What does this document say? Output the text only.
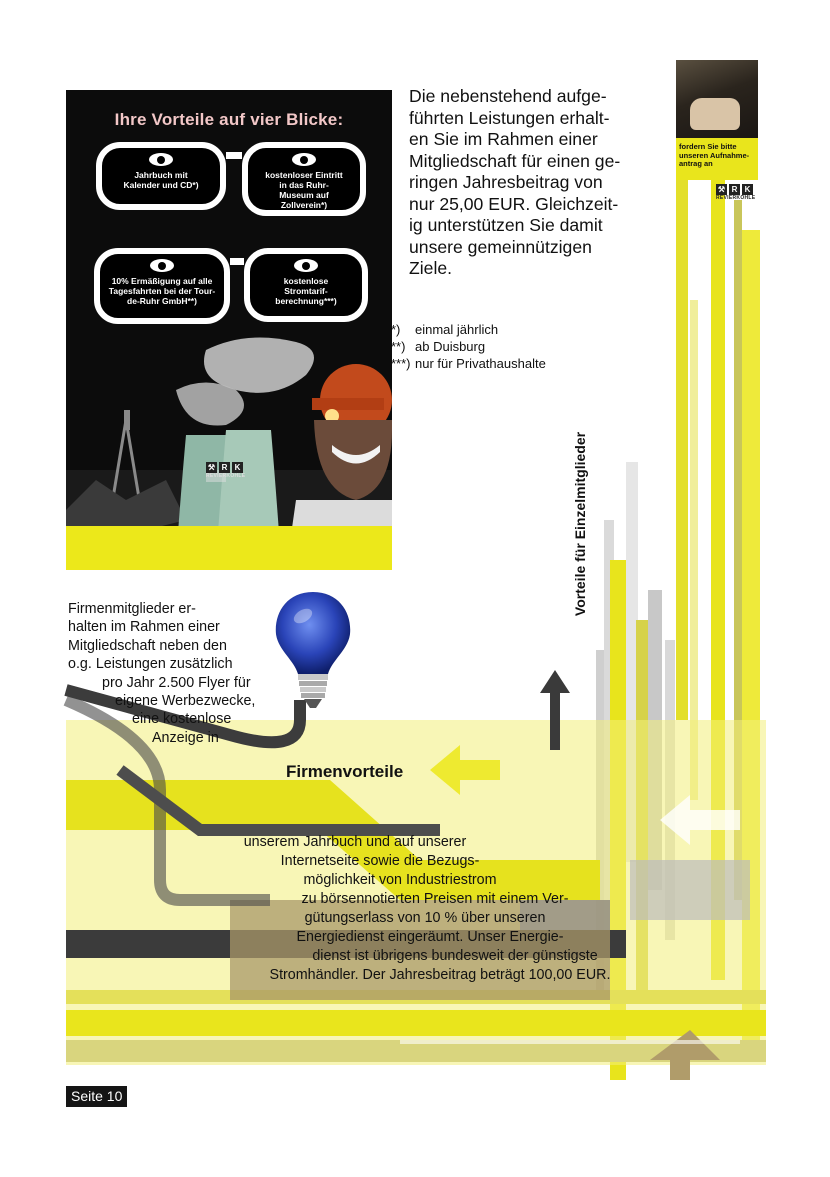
Ihre Vorteile auf vier Blicke:
Jahrbuch mit Kalender und CD*)
kostenloser Eintritt in das Ruhr-Museum auf Zollverein*)
10% Ermäßigung auf alle Tagesfahrten bei der Tour-de-Ruhr GmbH**)
kostenlose Stromtarif-berechnung***)
⚒ R K
REVIERKOHLE
fordern Sie bitte unseren Aufnahme-antrag an
⚒ R K
REVIERKOHLE
Die nebenstehend aufge-
führten Leistungen erhalt-
en Sie im Rahmen einer
Mitgliedschaft für einen ge-
ringen Jahresbeitrag von
nur 25,00 EUR. Gleichzeit-
ig unterstützen Sie damit
unsere gemeinnützigen
Ziele.
*)	einmal jährlich
**) ab Duisburg
***) nur für Privathaushalte
Vorteile für Einzelmitglieder
Firmenmitglieder er-
halten im Rahmen einer
Mitgliedschaft neben den
o.g. Leistungen zusätzlich
pro Jahr 2.500 Flyer für
eigene Werbezwecke,
eine kostenlose
Anzeige in
Firmenvorteile
unserem Jahrbuch und auf unserer
Internetseite sowie die Bezugs-
möglichkeit von Industriestrom
zu börsennotierten Preisen mit einem Ver-
gütungserlass von 10 % über unseren
Energiedienst eingeräumt. Unser Energie-
dienst ist übrigens bundesweit der günstigste
Stromhändler. Der Jahresbeitrag beträgt 100,00 EUR.
Seite 10
